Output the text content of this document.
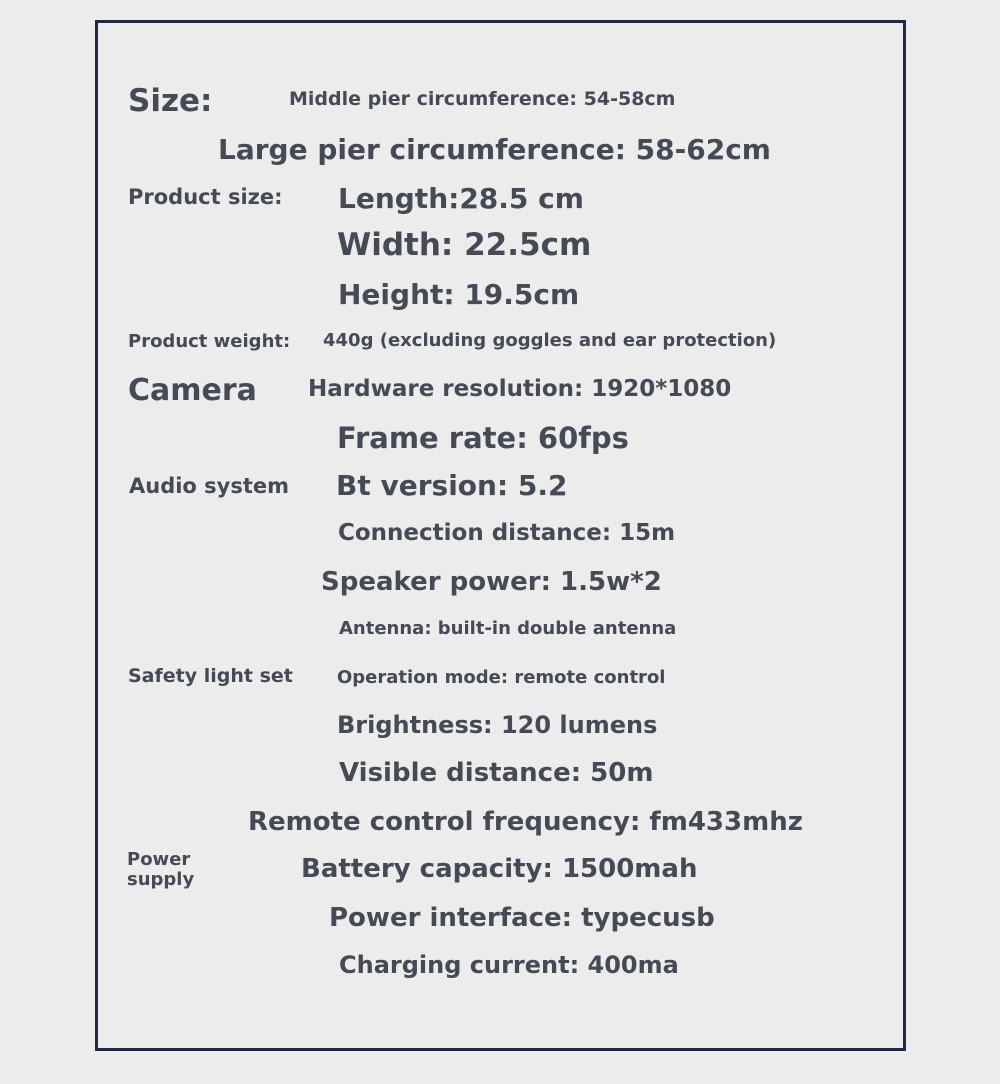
Size:	Middle pier circumference: 54-58cm
Large pier circumference: 58-62cm
Product size: Length:28.5 cm
Width: 22.5cm
Height: 19.5cm
Product weight: 440g (excluding goggles and ear protection)
Camera Hardware resolution: 1920*1080
Frame rate: 60fps
Audio system Bt version: 5.2
Connection distance: 15m
Speaker power: 1.5w*2
Antenna: built-in double antenna
Safety light set Operation mode: remote control
Brightness: 120 lumens
Visible distance: 50m
Remote control frequency: fm433mhz
Power
supply	Battery capacity: 1500mah
Power interface: typecusb
Charging current: 400ma
